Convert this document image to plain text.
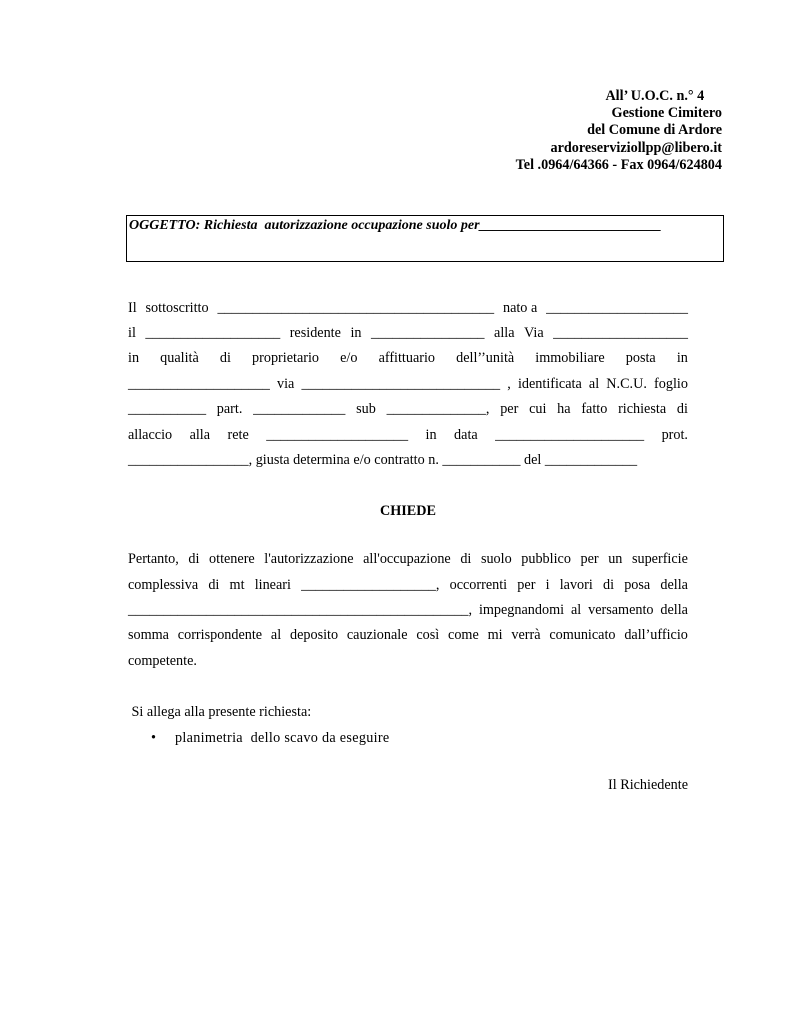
All’ U.O.C. n.° 4
Gestione Cimitero
del Comune di Ardore
ardoreserviziollpp@libero.it
Tel .0964/64366 - Fax 0964/624804
OGGETTO: Richiesta  autorizzazione occupazione suolo per__________________________
Il sottoscritto _______________________________________ nato a ____________________
il ___________________ residente in ________________ alla Via ___________________
in qualità di proprietario e/o affittuario dell’’unità immobiliare posta in
____________________ via ____________________________ , identificata al N.C.U. foglio
___________ part. _____________ sub ______________, per cui ha fatto richiesta di
allaccio alla rete ____________________ in data _____________________ prot.
_________________, giusta determina e/o contratto n. ___________ del _____________
CHIEDE
Pertanto, di ottenere l'autorizzazione all'occupazione di suolo pubblico per un superficie
complessiva di mt lineari ___________________, occorrenti per i lavori di posa della
________________________________________________, impegnandomi al versamento della
somma corrispondente al deposito cauzionale così come mi verrà comunicato dall’ufficio
competente.
Si allega alla presente richiesta:
• planimetria  dello scavo da eseguire
Il Richiedente
